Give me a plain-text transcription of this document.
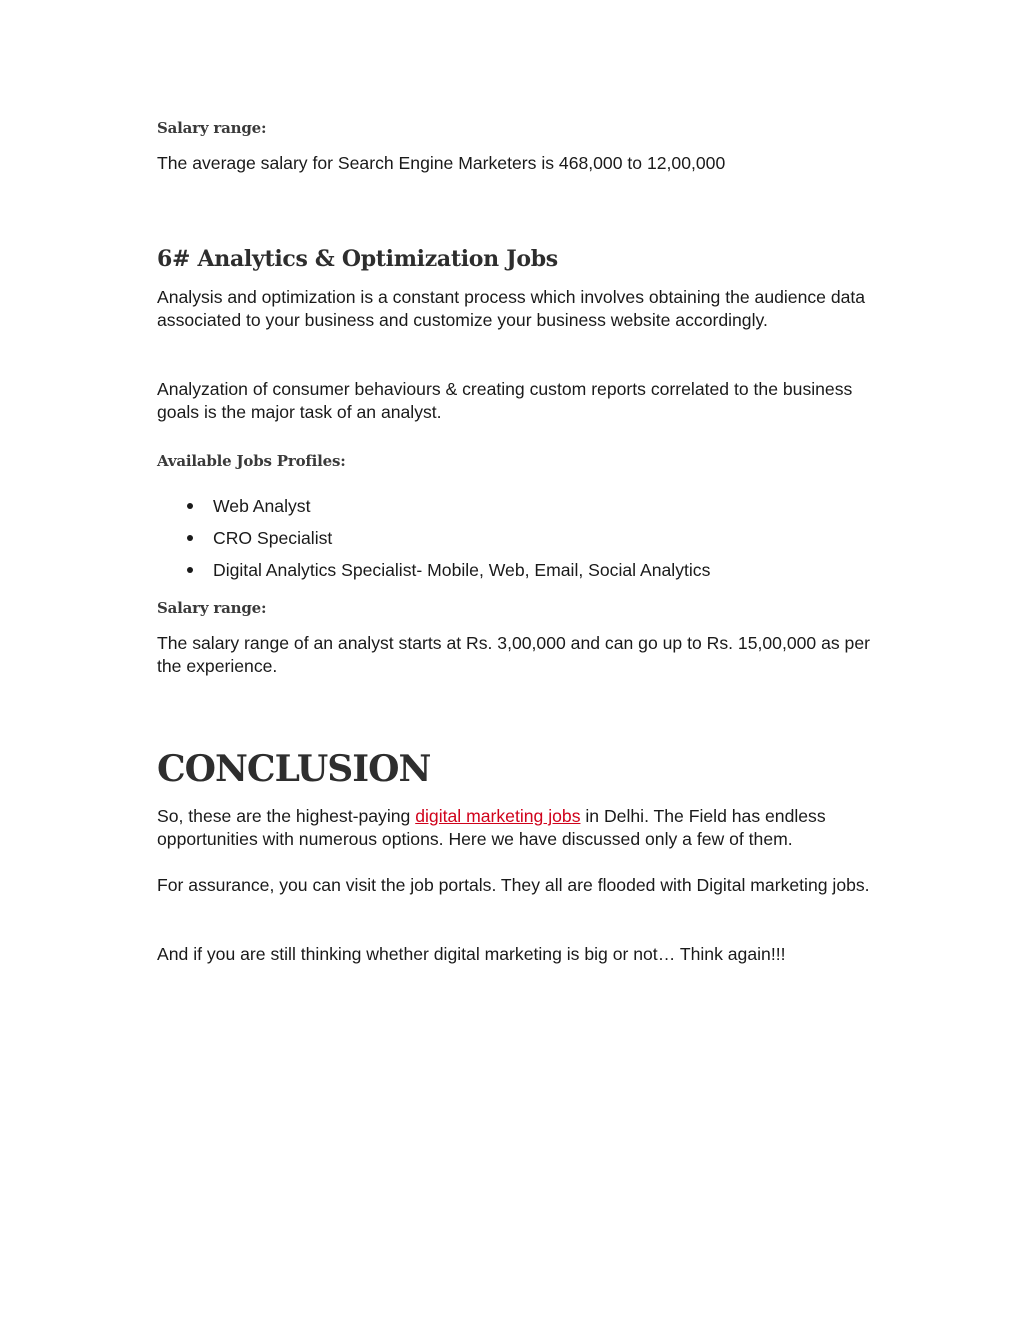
Salary range:
The average salary for Search Engine Marketers is 468,000 to 12,00,000
6# Analytics & Optimization Jobs
Analysis and optimization is a constant process which involves obtaining the audience data associated to your business and customize your business website accordingly.
Analyzation of consumer behaviours & creating custom reports correlated to the business goals is the major task of an analyst.
Available Jobs Profiles:
Web Analyst
CRO Specialist
Digital Analytics Specialist- Mobile, Web, Email, Social Analytics
Salary range:
The salary range of an analyst starts at Rs. 3,00,000 and can go up to Rs. 15,00,000 as per the experience.
CONCLUSION
So, these are the highest-paying digital marketing jobs in Delhi. The Field has endless opportunities with numerous options. Here we have discussed only a few of them.
For assurance, you can visit the job portals. They all are flooded with Digital marketing jobs.
And if you are still thinking whether digital marketing is big or not… Think again!!!
